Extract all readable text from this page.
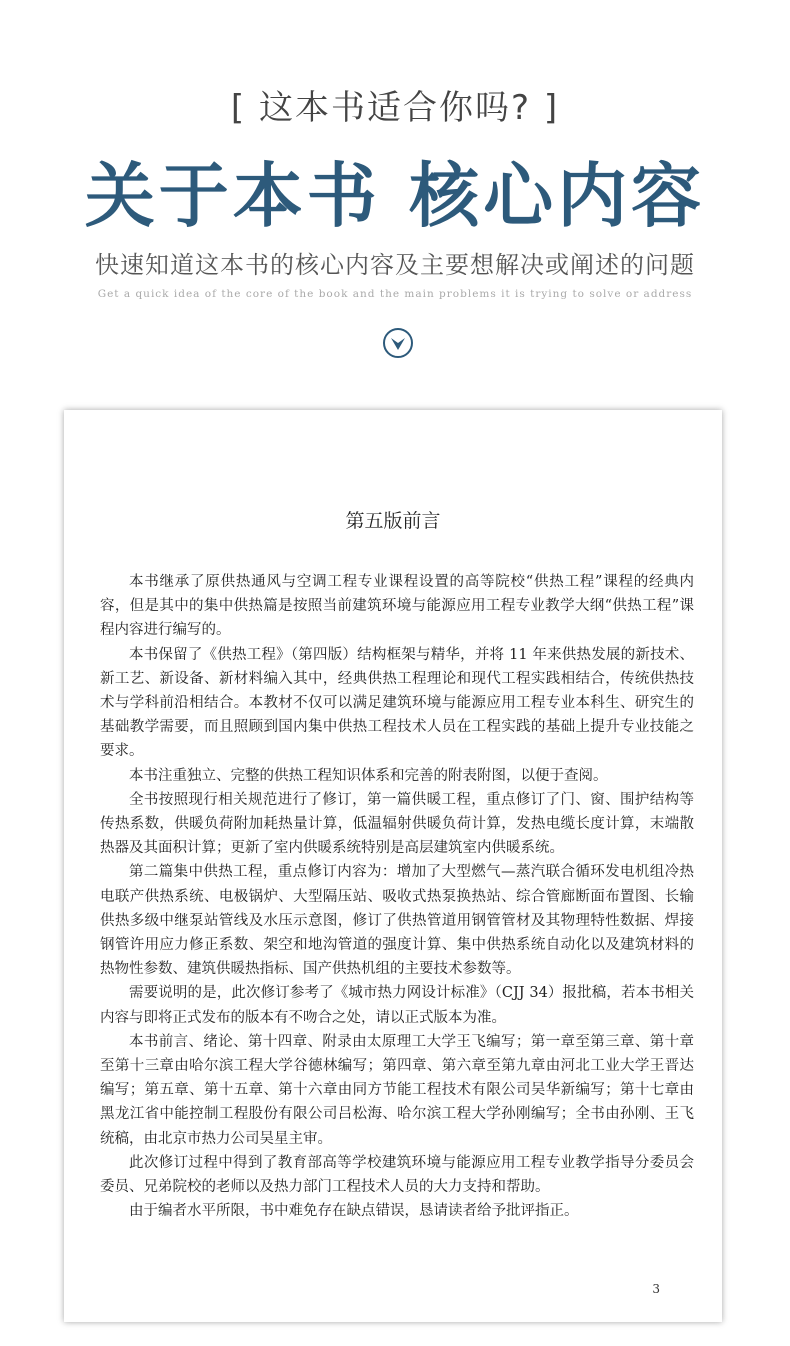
[ 这本书适合你吗? ]
关于本书 核心内容
快速知道这本书的核心内容及主要想解决或阐述的问题
Get a quick idea of the core of the book and the main problems it is trying to solve or address
第五版前言

本书继承了原供热通风与空调工程专业课程设置的高等院校“供热工程”课程的经典内容，但是其中的集中供热篇是按照当前建筑环境与能源应用工程专业教学大纲“供热工程”课程内容进行编写的。

本书保留了《供热工程》（第四版）结构框架与精华，并将 11 年来供热发展的新技术、新工艺、新设备、新材料编入其中，经典供热工程理论和现代工程实践相结合，传统供热技术与学科前沿相结合。本教材不仅可以满足建筑环境与能源应用工程专业本科生、研究生的基础教学需要，而且照顾到国内集中供热工程技术人员在工程实践的基础上提升专业技能之要求。

本书注重独立、完整的供热工程知识体系和完善的附表附图，以便于查阅。

全书按照现行相关规范进行了修订，第一篇供暖工程，重点修订了门、窗、围护结构等传热系数，供暖负荷附加耗热量计算，低温辐射供暖负荷计算，发热电缆长度计算，末端散热器及其面积计算；更新了室内供暖系统特别是高层建筑室内供暖系统。

第二篇集中供热工程，重点修订内容为：增加了大型燃气—蒸汽联合循环发电机组冷热电联产供热系统、电极锅炉、大型隔压站、吸收式热泵换热站、综合管廊断面布置图、长输供热多级中继泵站管线及水压示意图，修订了供热管道用钢管管材及其物理特性数据、焊接钢管许用应力修正系数、架空和地沟管道的强度计算、集中供热系统自动化以及建筑材料的热物性参数、建筑供暖热指标、国产供热机组的主要技术参数等。

需要说明的是，此次修订参考了《城市热力网设计标准》（CJJ 34）报批稿，若本书相关内容与即将正式发布的版本有不吻合之处，请以正式版本为准。

本书前言、绪论、第十四章、附录由太原理工大学王飞编写；第一章至第三章、第十章至第十三章由哈尔滨工程大学谷德林编写；第四章、第六章至第九章由河北工业大学王晋达编写；第五章、第十五章、第十六章由同方节能工程技术有限公司吴华新编写；第十七章由黑龙江省中能控制工程股份有限公司吕松海、哈尔滨工程大学孙刚编写；全书由孙刚、王飞统稿，由北京市热力公司吴星主审。

此次修订过程中得到了教育部高等学校建筑环境与能源应用工程专业教学指导分委员会委员、兄弟院校的老师以及热力部门工程技术人员的大力支持和帮助。

由于编者水平所限，书中难免存在缺点错误，恳请读者给予批评指正。

3
